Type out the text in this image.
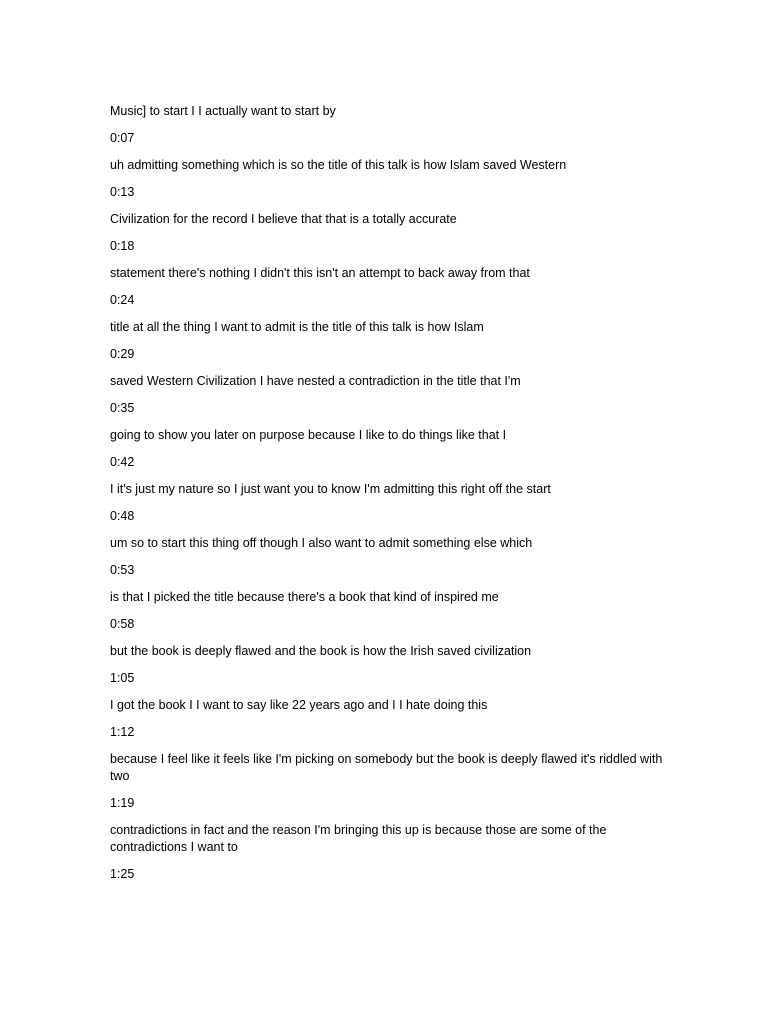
Music] to start I I actually want to start by

0:07

uh admitting something which is so the title of this talk is how Islam saved Western

0:13

Civilization for the record I believe that that is a totally accurate

0:18

statement there's nothing I didn't this isn't an attempt to back away from that

0:24

title at all the thing I want to admit is the title of this talk is how Islam

0:29

saved Western Civilization I have nested a contradiction in the title that I'm

0:35

going to show you later on purpose because I like to do things like that I

0:42

I it's just my nature so I just want you to know I'm admitting this right off the start

0:48

um so to start this thing off though I also want to admit something else which

0:53

is that I picked the title because there's a book that kind of inspired me

0:58

but the book is deeply flawed and the book is how the Irish saved civilization

1:05

I got the book I I want to say like 22 years ago and I I hate doing this

1:12

because I feel like it feels like I'm picking on somebody but the book is deeply flawed it's riddled with two

1:19

contradictions in fact and the reason I'm bringing this up is because those are some of the contradictions I want to

1:25
